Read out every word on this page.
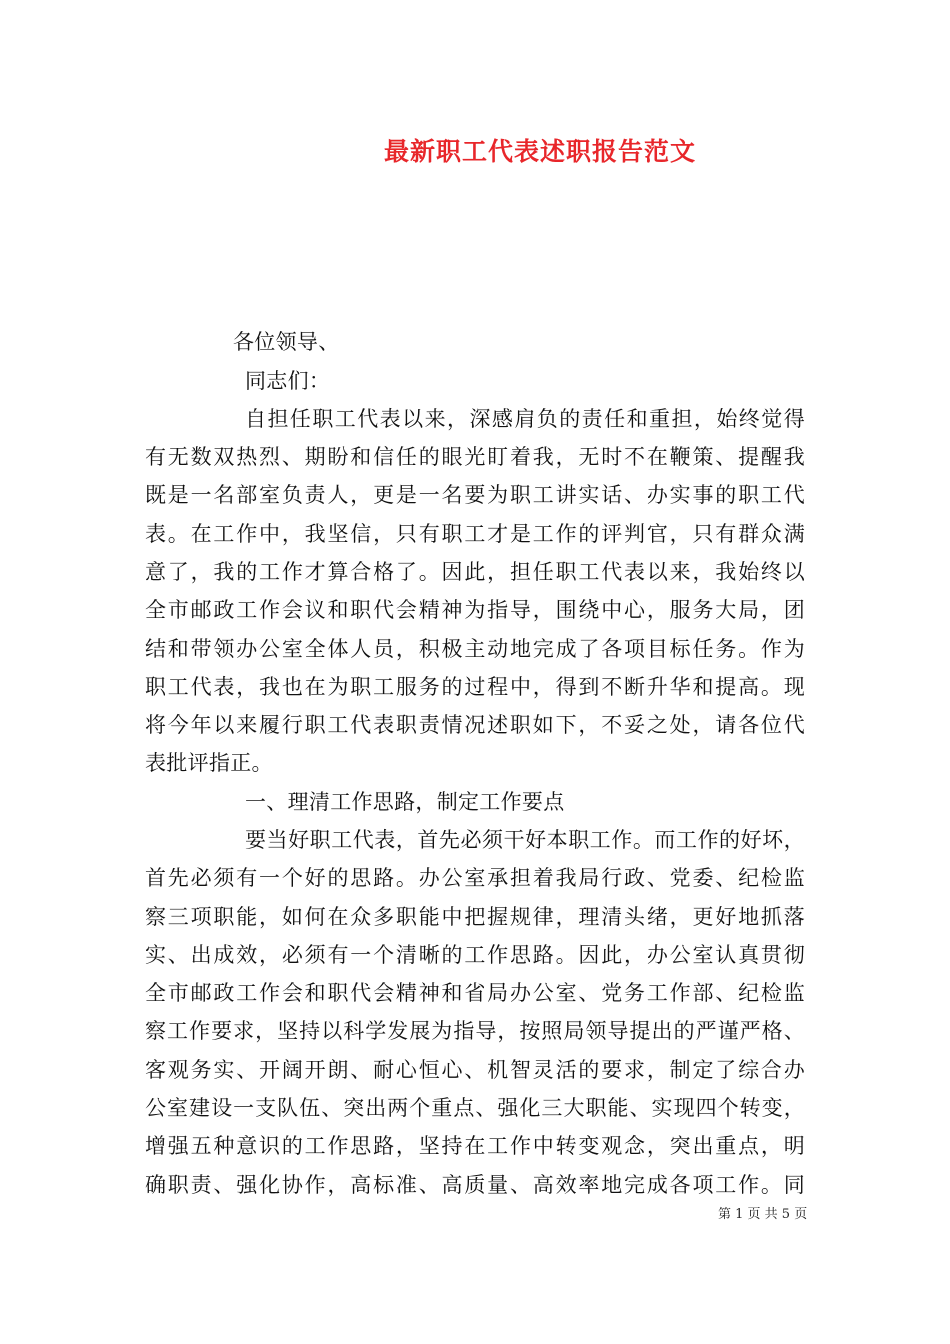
最新职工代表述职报告范文
各位领导、
同志们：
自担任职工代表以来，深感肩负的责任和重担，始终觉得
有无数双热烈、期盼和信任的眼光盯着我，无时不在鞭策、提醒我
既是一名部室负责人，更是一名要为职工讲实话、办实事的职工代
表。在工作中，我坚信，只有职工才是工作的评判官，只有群众满
意了，我的工作才算合格了。因此，担任职工代表以来，我始终以
全市邮政工作会议和职代会精神为指导，围绕中心，服务大局，团
结和带领办公室全体人员，积极主动地完成了各项目标任务。作为
职工代表，我也在为职工服务的过程中，得到不断升华和提高。现
将今年以来履行职工代表职责情况述职如下，不妥之处，请各位代
表批评指正。
一、理清工作思路，制定工作要点
要当好职工代表，首先必须干好本职工作。而工作的好坏，
首先必须有一个好的思路。办公室承担着我局行政、党委、纪检监
察三项职能，如何在众多职能中把握规律，理清头绪，更好地抓落
实、出成效，必须有一个清晰的工作思路。因此，办公室认真贯彻
全市邮政工作会和职代会精神和省局办公室、党务工作部、纪检监
察工作要求，坚持以科学发展为指导，按照局领导提出的严谨严格、
客观务实、开阔开朗、耐心恒心、机智灵活的要求，制定了综合办
公室建设一支队伍、突出两个重点、强化三大职能、实现四个转变，
增强五种意识的工作思路，坚持在工作中转变观念，突出重点，明
确职责、强化协作，高标准、高质量、高效率地完成各项工作。同
第 1 页 共 5 页
